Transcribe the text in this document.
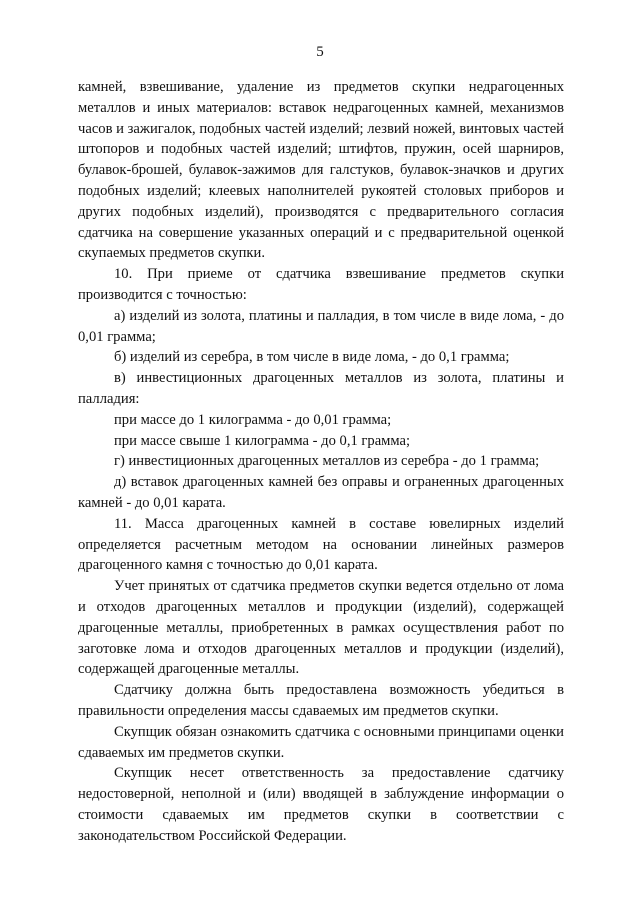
5

камней, взвешивание, удаление из предметов скупки недрагоценных металлов и иных материалов: вставок недрагоценных камней, механизмов часов и зажигалок, подобных частей изделий; лезвий ножей, винтовых частей штопоров и подобных частей изделий; штифтов, пружин, осей шарниров, булавок-брошей, булавок-зажимов для галстуков, булавок-значков и других подобных изделий; клеевых наполнителей рукоятей столовых приборов и других подобных изделий), производятся с предварительного согласия сдатчика на совершение указанных операций и с предварительной оценкой скупаемых предметов скупки.

10. При приеме от сдатчика взвешивание предметов скупки производится с точностью:

а) изделий из золота, платины и палладия, в том числе в виде лома, - до 0,01 грамма;

б) изделий из серебра, в том числе в виде лома, - до 0,1 грамма;

в) инвестиционных драгоценных металлов из золота, платины и палладия:

при массе до 1 килограмма - до 0,01 грамма;

при массе свыше 1 килограмма - до 0,1 грамма;

г) инвестиционных драгоценных металлов из серебра - до 1 грамма;

д) вставок драгоценных камней без оправы и ограненных драгоценных камней - до 0,01 карата.

11. Масса драгоценных камней в составе ювелирных изделий определяется расчетным методом на основании линейных размеров драгоценного камня с точностью до 0,01 карата.

Учет принятых от сдатчика предметов скупки ведется отдельно от лома и отходов драгоценных металлов и продукции (изделий), содержащей драгоценные металлы, приобретенных в рамках осуществления работ по заготовке лома и отходов драгоценных металлов и продукции (изделий), содержащей драгоценные металлы.

Сдатчику должна быть предоставлена возможность убедиться в правильности определения массы сдаваемых им предметов скупки.

Скупщик обязан ознакомить сдатчика с основными принципами оценки сдаваемых им предметов скупки.

Скупщик несет ответственность за предоставление сдатчику недостоверной, неполной и (или) вводящей в заблуждение информации о стоимости сдаваемых им предметов скупки в соответствии с законодательством Российской Федерации.
